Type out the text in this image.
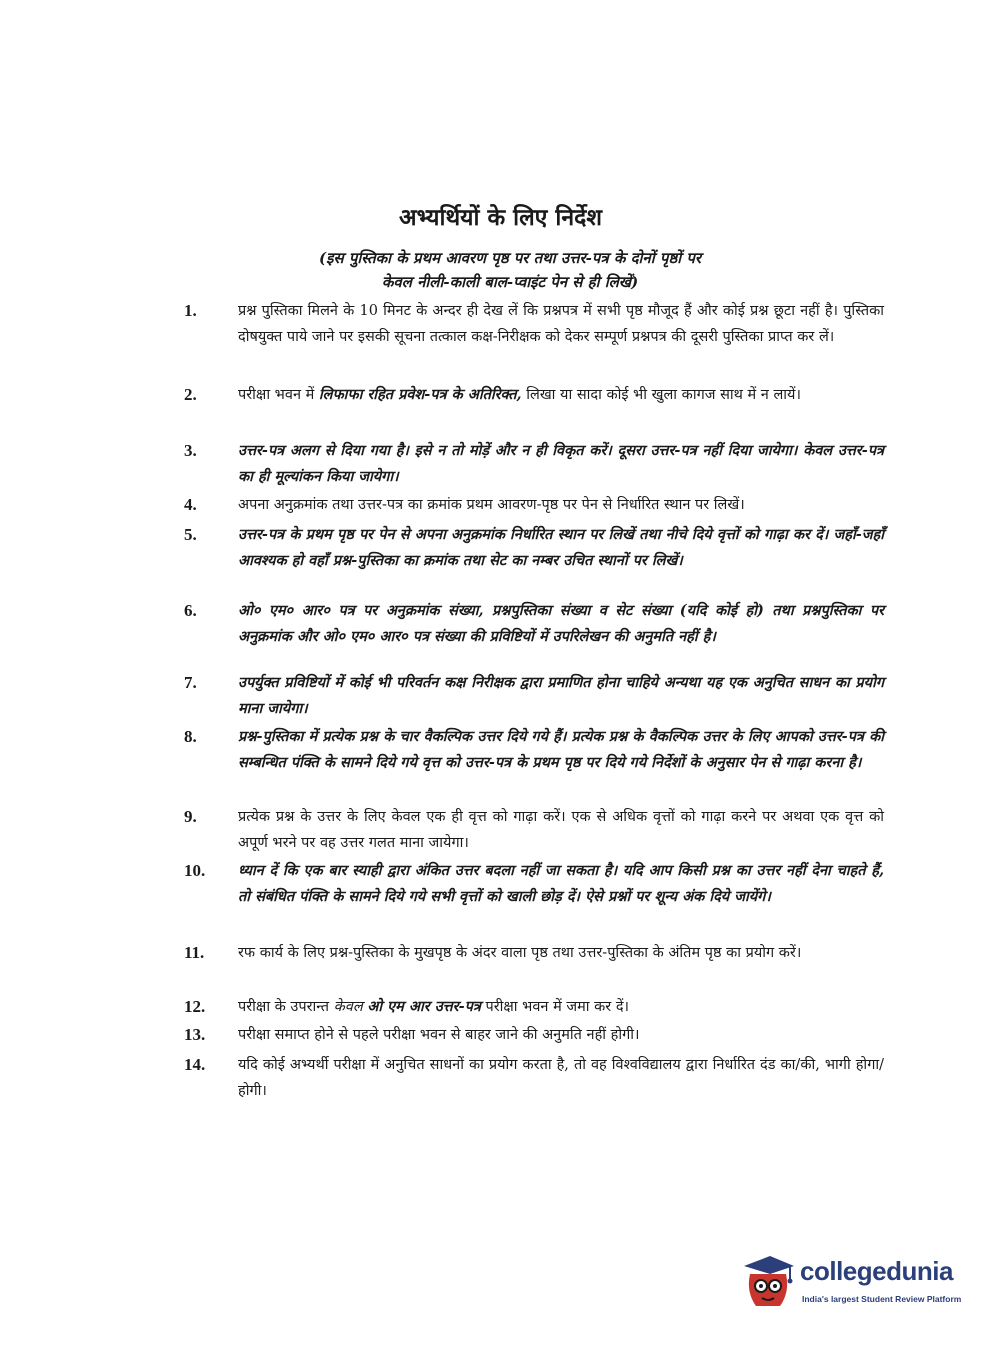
अभ्यर्थियों के लिए निर्देश
(इस पुस्तिका के प्रथम आवरण पृष्ठ पर तथा उत्तर-पत्र के दोनों पृष्ठों पर
केवल नीली-काली बाल-प्वाइंट पेन से ही लिखें)
1.	प्रश्न पुस्तिका मिलने के 10 मिनट के अन्दर ही देख लें कि प्रश्नपत्र में सभी पृष्ठ मौजूद हैं और कोई प्रश्न छूटा नहीं है। पुस्तिका दोषयुक्त पाये जाने पर इसकी सूचना तत्काल कक्ष-निरीक्षक को देकर सम्पूर्ण प्रश्नपत्र की दूसरी पुस्तिका प्राप्त कर लें।
2.	परीक्षा भवन में लिफाफा रहित प्रवेश-पत्र के अतिरिक्त, लिखा या सादा कोई भी खुला कागज साथ में न लायें।
3.	उत्तर-पत्र अलग से दिया गया है। इसे न तो मोड़ें और न ही विकृत करें। दूसरा उत्तर-पत्र नहीं दिया जायेगा। केवल उत्तर-पत्र का ही मूल्यांकन किया जायेगा।
4.	अपना अनुक्रमांक तथा उत्तर-पत्र का क्रमांक प्रथम आवरण-पृष्ठ पर पेन से निर्धारित स्थान पर लिखें।
5.	उत्तर-पत्र के प्रथम पृष्ठ पर पेन से अपना अनुक्रमांक निर्धारित स्थान पर लिखें तथा नीचे दिये वृत्तों को गाढ़ा कर दें। जहाँ-जहाँ आवश्यक हो वहाँ प्रश्न-पुस्तिका का क्रमांक तथा सेट का नम्बर उचित स्थानों पर लिखें।
6.	ओ० एम० आर० पत्र पर अनुक्रमांक संख्या, प्रश्नपुस्तिका संख्या व सेट संख्या (यदि कोई हो) तथा प्रश्नपुस्तिका पर अनुक्रमांक और ओ० एम० आर० पत्र संख्या की प्रविष्टियों में उपरिलेखन की अनुमति नहीं है।
7.	उपर्युक्त प्रविष्टियों में कोई भी परिवर्तन कक्ष निरीक्षक द्वारा प्रमाणित होना चाहिये अन्यथा यह एक अनुचित साधन का प्रयोग माना जायेगा।
8.	प्रश्न-पुस्तिका में प्रत्येक प्रश्न के चार वैकल्पिक उत्तर दिये गये हैं। प्रत्येक प्रश्न के वैकल्पिक उत्तर के लिए आपको उत्तर-पत्र की सम्बन्धित पंक्ति के सामने दिये गये वृत्त को उत्तर-पत्र के प्रथम पृष्ठ पर दिये गये निर्देशों के अनुसार पेन से गाढ़ा करना है।
9.	प्रत्येक प्रश्न के उत्तर के लिए केवल एक ही वृत्त को गाढ़ा करें। एक से अधिक वृत्तों को गाढ़ा करने पर अथवा एक वृत्त को अपूर्ण भरने पर वह उत्तर गलत माना जायेगा।
10.	ध्यान दें कि एक बार स्याही द्वारा अंकित उत्तर बदला नहीं जा सकता है। यदि आप किसी प्रश्न का उत्तर नहीं देना चाहते हैं, तो संबंधित पंक्ति के सामने दिये गये सभी वृत्तों को खाली छोड़ दें। ऐसे प्रश्नों पर शून्य अंक दिये जायेंगे।
11.	रफ कार्य के लिए प्रश्न-पुस्तिका के मुखपृष्ठ के अंदर वाला पृष्ठ तथा उत्तर-पुस्तिका के अंतिम पृष्ठ का प्रयोग करें।
12.	परीक्षा के उपरान्त केवल ओ एम आर उत्तर-पत्र परीक्षा भवन में जमा कर दें।
13.	परीक्षा समाप्त होने से पहले परीक्षा भवन से बाहर जाने की अनुमति नहीं होगी।
14.	यदि कोई अभ्यर्थी परीक्षा में अनुचित साधनों का प्रयोग करता है, तो वह विश्वविद्यालय द्वारा निर्धारित दंड का/की, भागी होगा/होगी।
collegedunia
India's largest Student Review Platform
